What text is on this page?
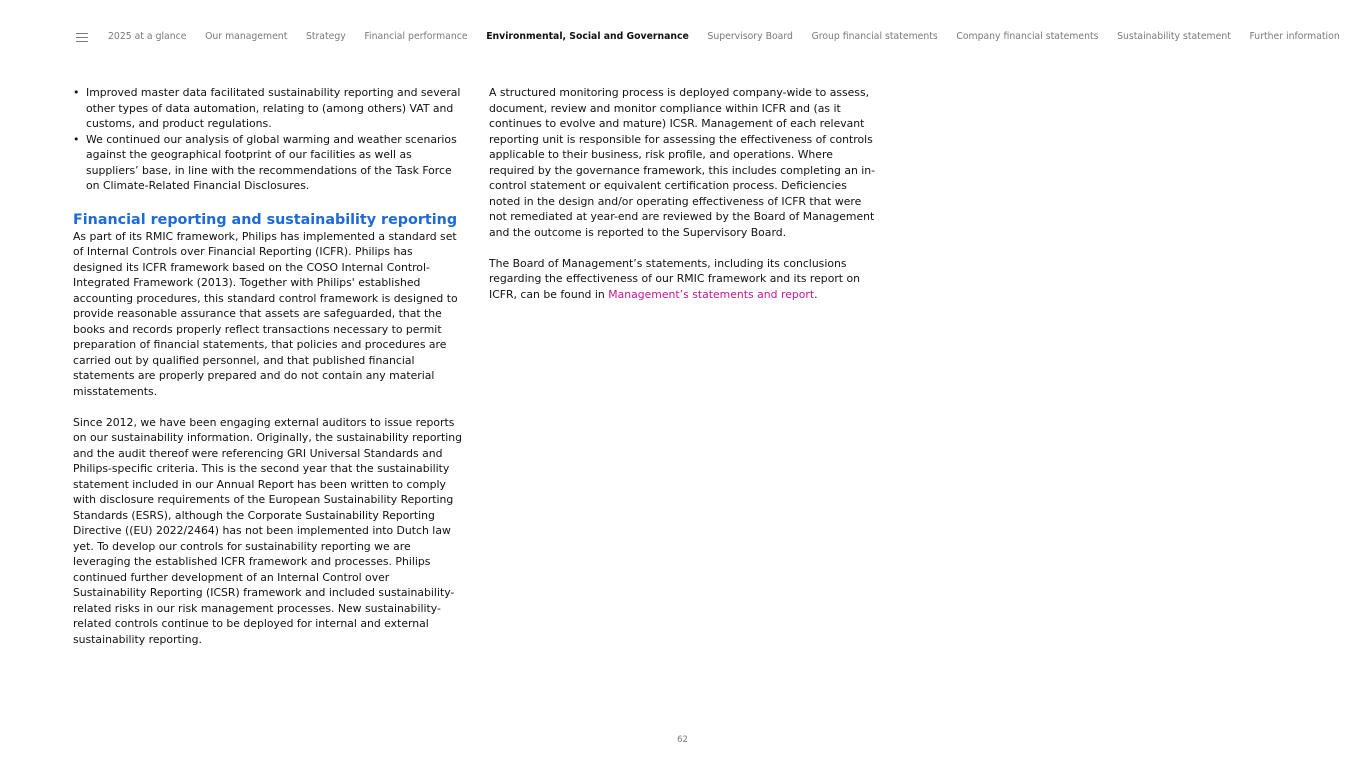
2025 at a glance Our management Strategy Financial performance Environmental, Social and Governance Supervisory Board Group financial statements Company financial statements Sustainability statement Further information
• Improved master data facilitated sustainability reporting and several other types of data automation, relating to (among others) VAT and customs, and product regulations.
• We continued our analysis of global warming and weather scenarios against the geographical footprint of our facilities as well as suppliers’ base, in line with the recommendations of the Task Force on Climate-Related Financial Disclosures.
Financial reporting and sustainability reporting

As part of its RMIC framework, Philips has implemented a standard set of Internal Controls over Financial Reporting (ICFR). Philips has designed its ICFR framework based on the COSO Internal Control-Integrated Framework (2013). Together with Philips' established accounting procedures, this standard control framework is designed to provide reasonable assurance that assets are safeguarded, that the books and records properly reflect transactions necessary to permit preparation of financial statements, that policies and procedures are carried out by qualified personnel, and that published financial statements are properly prepared and do not contain any material misstatements.

Since 2012, we have been engaging external auditors to issue reports on our sustainability information. Originally, the sustainability reporting and the audit thereof were referencing GRI Universal Standards and Philips-specific criteria. This is the second year that the sustainability statement included in our Annual Report has been written to comply with disclosure requirements of the European Sustainability Reporting Standards (ESRS), although the Corporate Sustainability Reporting Directive ((EU) 2022/2464) has not been implemented into Dutch law yet. To develop our controls for sustainability reporting we are leveraging the established ICFR framework and processes. Philips continued further development of an Internal Control over Sustainability Reporting (ICSR) framework and included sustainability-related risks in our risk management processes. New sustainability-related controls continue to be deployed for internal and external sustainability reporting.

A structured monitoring process is deployed company-wide to assess, document, review and monitor compliance within ICFR and (as it continues to evolve and mature) ICSR. Management of each relevant reporting unit is responsible for assessing the effectiveness of controls applicable to their business, risk profile, and operations. Where required by the governance framework, this includes completing an in-control statement or equivalent certification process. Deficiencies noted in the design and/or operating effectiveness of ICFR that were not remediated at year-end are reviewed by the Board of Management and the outcome is reported to the Supervisory Board.

The Board of Management’s statements, including its conclusions regarding the effectiveness of our RMIC framework and its report on ICFR, can be found in Management’s statements and report.

62
